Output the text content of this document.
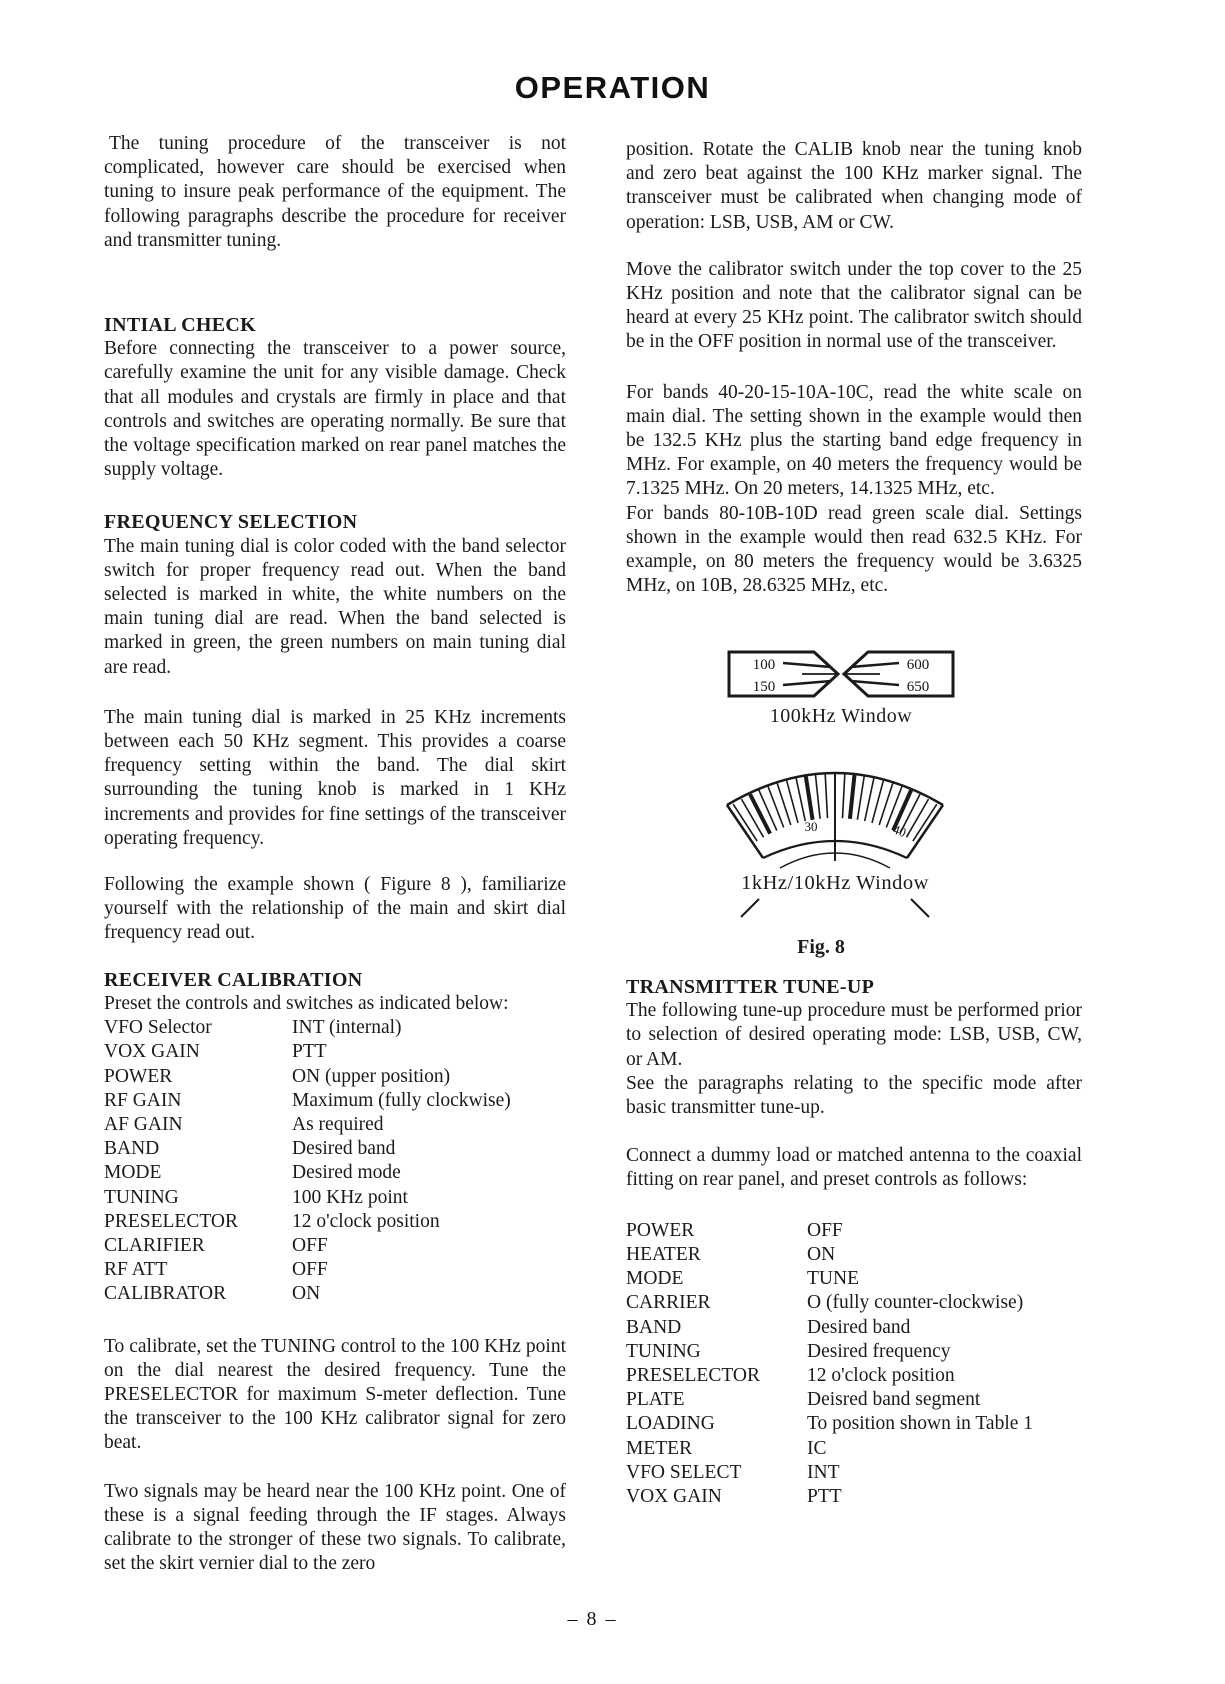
OPERATION
The tuning procedure of the transceiver is not complicated, however care should be exercised when tuning to insure peak performance of the equipment. The following paragraphs describe the procedure for receiver and transmitter tuning.
INTIAL CHECK
Before connecting the transceiver to a power source, carefully examine the unit for any visible damage. Check that all modules and crystals are firmly in place and that controls and switches are operating normally. Be sure that the voltage specification marked on rear panel matches the supply voltage.
FREQUENCY SELECTION
The main tuning dial is color coded with the band selector switch for proper frequency read out. When the band selected is marked in white, the white numbers on the main tuning dial are read. When the band selected is marked in green, the green numbers on main tuning dial are read.
The main tuning dial is marked in 25 KHz increments between each 50 KHz segment. This provides a coarse frequency setting within the band. The dial skirt surrounding the tuning knob is marked in 1 KHz increments and provides for fine settings of the transceiver operating frequency.
Following the example shown ( Figure 8 ), familiarize yourself with the relationship of the main and skirt dial frequency read out.
RECEIVER CALIBRATION
Preset the controls and switches as indicated below:
VFO Selector	INT (internal)
VOX GAIN	PTT
POWER	ON (upper position)
RF GAIN	Maximum (fully clockwise)
AF GAIN	As required
BAND	Desired band
MODE	Desired mode
TUNING	100 KHz point
PRESELECTOR	12 o'clock position
CLARIFIER	OFF
RF ATT	OFF
CALIBRATOR	ON
To calibrate, set the TUNING control to the 100 KHz point on the dial nearest the desired frequency. Tune the PRESELECTOR for maximum S-meter deflection. Tune the transceiver to the 100 KHz calibrator signal for zero beat.
Two signals may be heard near the 100 KHz point. One of these is a signal feeding through the IF stages. Always calibrate to the stronger of these two signals. To calibrate, set the skirt vernier dial to the zero
position. Rotate the CALIB knob near the tuning knob and zero beat against the 100 KHz marker signal. The transceiver must be calibrated when changing mode of operation: LSB, USB, AM or CW.
Move the calibrator switch under the top cover to the 25 KHz position and note that the calibrator signal can be heard at every 25 KHz point. The calibrator switch should be in the OFF position in normal use of the transceiver.
For bands 40-20-15-10A-10C, read the white scale on main dial. The setting shown in the example would then be 132.5 KHz plus the starting band edge frequency in MHz. For example, on 40 meters the frequency would be 7.1325 MHz. On 20 meters, 14.1325 MHz, etc.
For bands 80-10B-10D read green scale dial. Settings shown in the example would then read 632.5 KHz. For example, on 80 meters the frequency would be 3.6325 MHz, on 10B, 28.6325 MHz, etc.
100
150
600
650
100kHz Window
30	40
1kHz/10kHz Window
Fig. 8
TRANSMITTER TUNE-UP
The following tune-up procedure must be performed prior to selection of desired operating mode: LSB, USB, CW, or AM.
See the paragraphs relating to the specific mode after basic transmitter tune-up.
Connect a dummy load or matched antenna to the coaxial fitting on rear panel, and preset controls as follows:
POWER	OFF
HEATER	ON
MODE	TUNE
CARRIER	O (fully counter-clockwise)
BAND	Desired band
TUNING	Desired frequency
PRESELECTOR	12 o'clock position
PLATE	Deisred band segment
LOADING	To position shown in Table 1
METER	IC
VFO SELECT	INT
VOX GAIN	PTT
– 8 –
